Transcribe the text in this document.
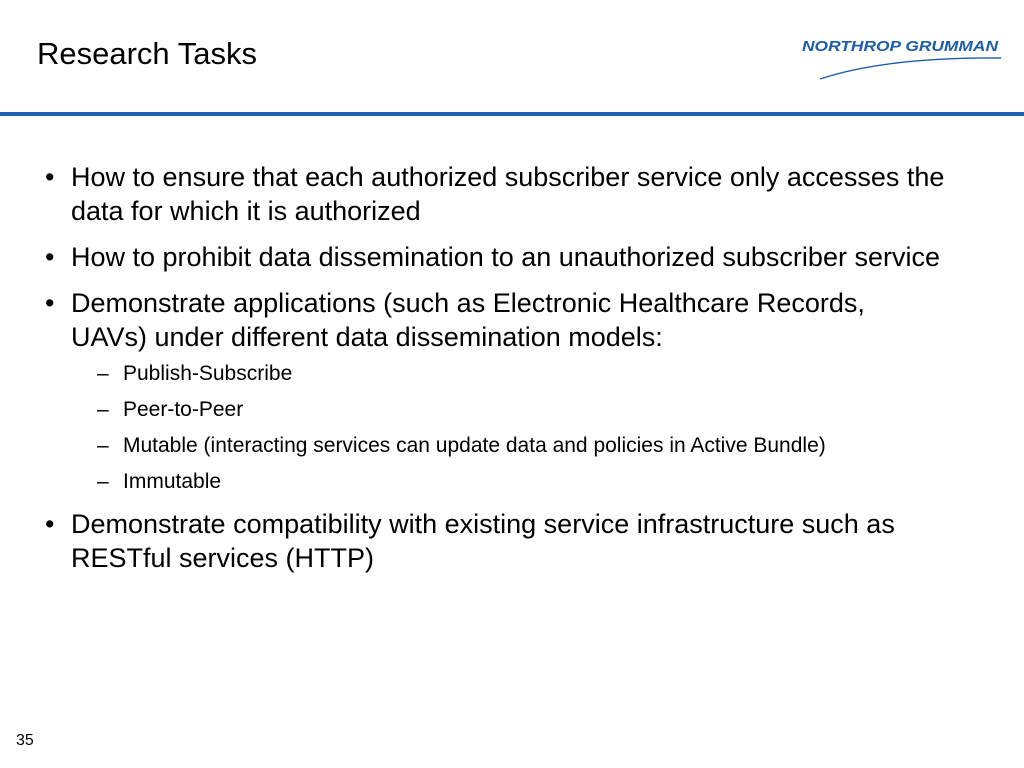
Research Tasks	NORTHROP GRUMMAN
• How to ensure that each authorized subscriber service only accesses the data for which it is authorized
• How to prohibit data dissemination to an unauthorized subscriber service
• Demonstrate applications (such as Electronic Healthcare Records, UAVs) under different data dissemination models:
– Publish-Subscribe
– Peer-to-Peer
– Mutable (interacting services can update data and policies in Active Bundle)
– Immutable
• Demonstrate compatibility with existing service infrastructure such as RESTful services (HTTP)
35
